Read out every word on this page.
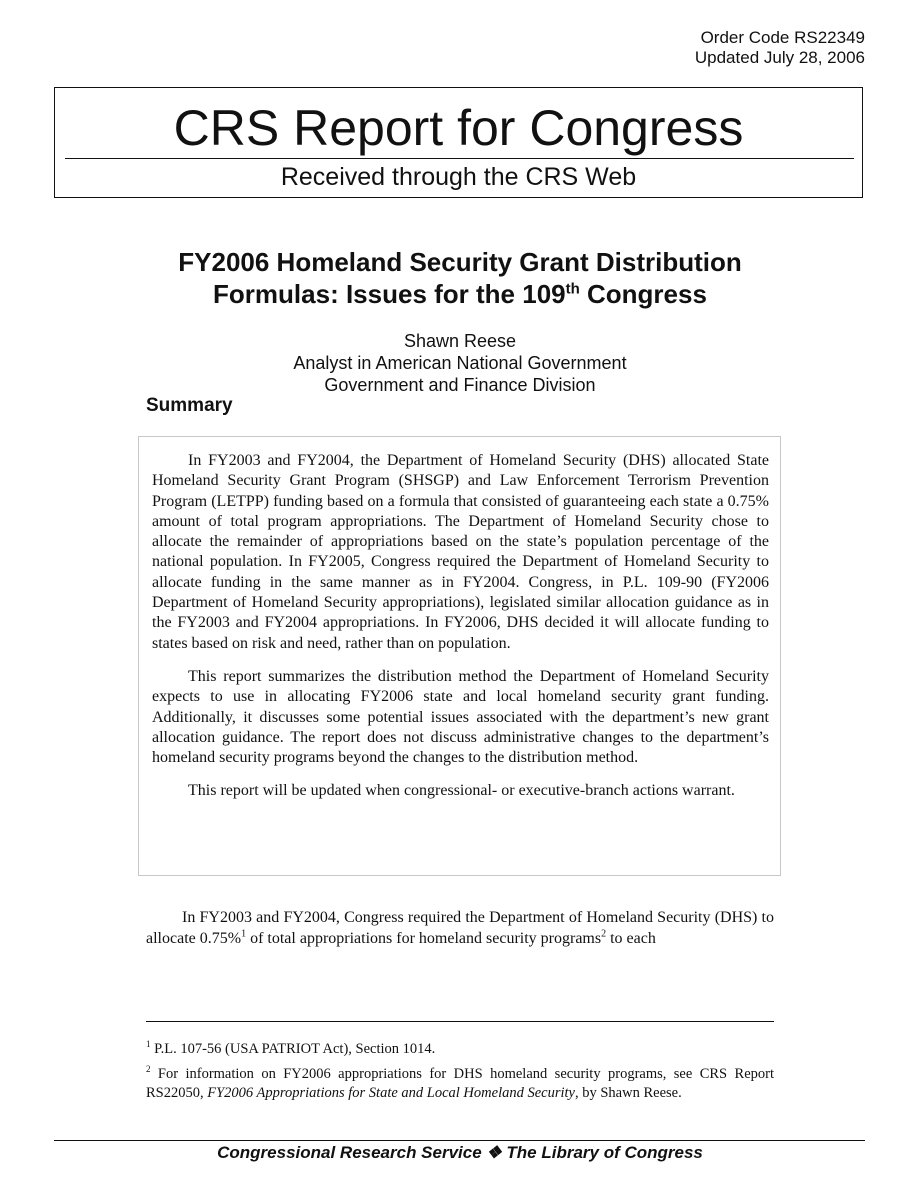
Order Code RS22349
Updated July 28, 2006
CRS Report for Congress
Received through the CRS Web
FY2006 Homeland Security Grant Distribution
Formulas: Issues for the 109th Congress
Shawn Reese
Analyst in American National Government
Government and Finance Division
Summary

In FY2003 and FY2004, the Department of Homeland Security (DHS) allocated State Homeland Security Grant Program (SHSGP) and Law Enforcement Terrorism Prevention Program (LETPP) funding based on a formula that consisted of guaranteeing each state a 0.75% amount of total program appropriations. The Department of Homeland Security chose to allocate the remainder of appropriations based on the state’s population percentage of the national population. In FY2005, Congress required the Department of Homeland Security to allocate funding in the same manner as in FY2004. Congress, in P.L. 109-90 (FY2006 Department of Homeland Security appropriations), legislated similar allocation guidance as in the FY2003 and FY2004 appropriations. In FY2006, DHS decided it will allocate funding to states based on risk and need, rather than on population.

This report summarizes the distribution method the Department of Homeland Security expects to use in allocating FY2006 state and local homeland security grant funding. Additionally, it discusses some potential issues associated with the department’s new grant allocation guidance. The report does not discuss administrative changes to the department’s homeland security programs beyond the changes to the distribution method.

This report will be updated when congressional- or executive-branch actions warrant.

In FY2003 and FY2004, Congress required the Department of Homeland Security (DHS) to allocate 0.75%$^1$ of total appropriations for homeland security programs$^2$ to each

$^1$ P.L. 107-56 (USA PATRIOT Act), Section 1014.

$^2$ For information on FY2006 appropriations for DHS homeland security programs, see CRS Report RS22050, FY2006 Appropriations for State and Local Homeland Security, by Shawn Reese.

Congressional Research Service ❖ The Library of Congress
